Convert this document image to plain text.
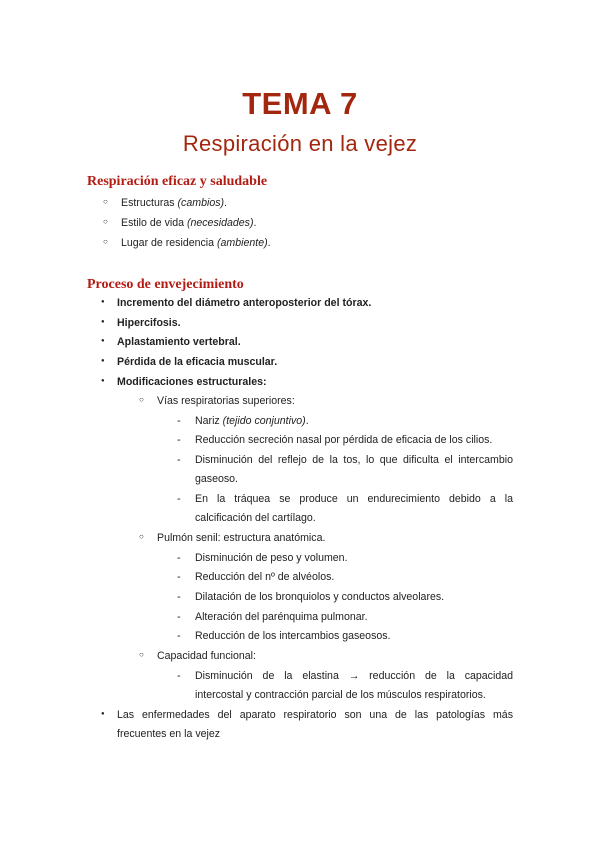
TEMA 7
Respiración en la vejez
Respiración eficaz y saludable
○
Estructuras (cambios).
○
Estilo de vida (necesidades).
○
Lugar de residencia (ambiente).
Proceso de envejecimiento
●
Incremento del diámetro anteroposterior del tórax.
●
Hipercifosis.
●
Aplastamiento vertebral.
●
Pérdida de la eficacia muscular.
●
Modificaciones estructurales:
○
Vías respiratorias superiores:
-
Nariz (tejido conjuntivo).
-
Reducción secreción nasal por pérdida de eficacia de los cilios.
-
Disminución del reflejo de la tos, lo que dificulta el intercambio
gaseoso.
-
En la tráquea se produce un endurecimiento debido a la
calcificación del cartílago.
○
Pulmón senil: estructura anatómica.
-
Disminución de peso y volumen.
-
Reducción del nº de alvéolos.
-
Dilatación de los bronquiolos y conductos alveolares.
-
Alteración del parénquima pulmonar.
-
Reducción de los intercambios gaseosos.
○
Capacidad funcional:
-
Disminución de la elastina → reducción de la capacidad
intercostal y contracción parcial de los músculos respiratorios.
●
Las enfermedades del aparato respiratorio son una de las patologías más
frecuentes en la vejez
